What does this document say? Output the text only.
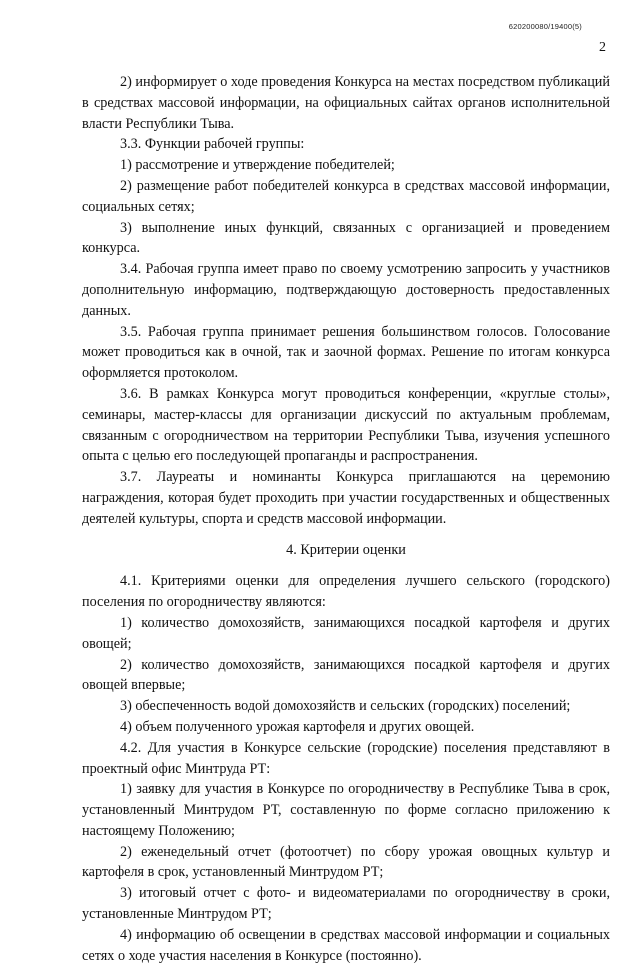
620200080/19400(5)
2

2) информирует о ходе проведения Конкурса на местах посредством публикаций в средствах массовой информации, на официальных сайтах органов исполнительной власти Республики Тыва.

3.3. Функции рабочей группы:

1) рассмотрение и утверждение победителей;

2) размещение работ победителей конкурса в средствах массовой информации, социальных сетях;

3) выполнение иных функций, связанных с организацией и проведением конкурса.

3.4. Рабочая группа имеет право по своему усмотрению запросить у участников дополнительную информацию, подтверждающую достоверность предоставленных данных.

3.5. Рабочая группа принимает решения большинством голосов. Голосование может проводиться как в очной, так и заочной формах. Решение по итогам конкурса оформляется протоколом.

3.6. В рамках Конкурса могут проводиться конференции, «круглые столы», семинары, мастер-классы для организации дискуссий по актуальным проблемам, связанным с огородничеством на территории Республики Тыва, изучения успешного опыта с целью его последующей пропаганды и распространения.

3.7. Лауреаты и номинанты Конкурса приглашаются на церемонию награждения, которая будет проходить при участии государственных и общественных деятелей культуры, спорта и средств массовой информации.

4. Критерии оценки

4.1. Критериями оценки для определения лучшего сельского (городского) поселения по огородничеству являются:

1) количество домохозяйств, занимающихся посадкой картофеля и других овощей;

2) количество домохозяйств, занимающихся посадкой картофеля и других овощей впервые;

3) обеспеченность водой домохозяйств и сельских (городских) поселений;

4) объем полученного урожая картофеля и других овощей.

4.2. Для участия в Конкурсе сельские (городские) поселения представляют в проектный офис Минтруда РТ:

1) заявку для участия в Конкурсе по огородничеству в Республике Тыва в срок, установленный Минтрудом РТ, составленную по форме согласно приложению к настоящему Положению;

2) еженедельный отчет (фотоотчет) по сбору урожая овощных культур и картофеля в срок, установленный Минтрудом РТ;

3) итоговый отчет с фото- и видеоматериалами по огородничеству в сроки, установленные Минтрудом РТ;

4) информацию об освещении в средствах массовой информации и социальных сетях о ходе участия населения в Конкурсе (постоянно).
